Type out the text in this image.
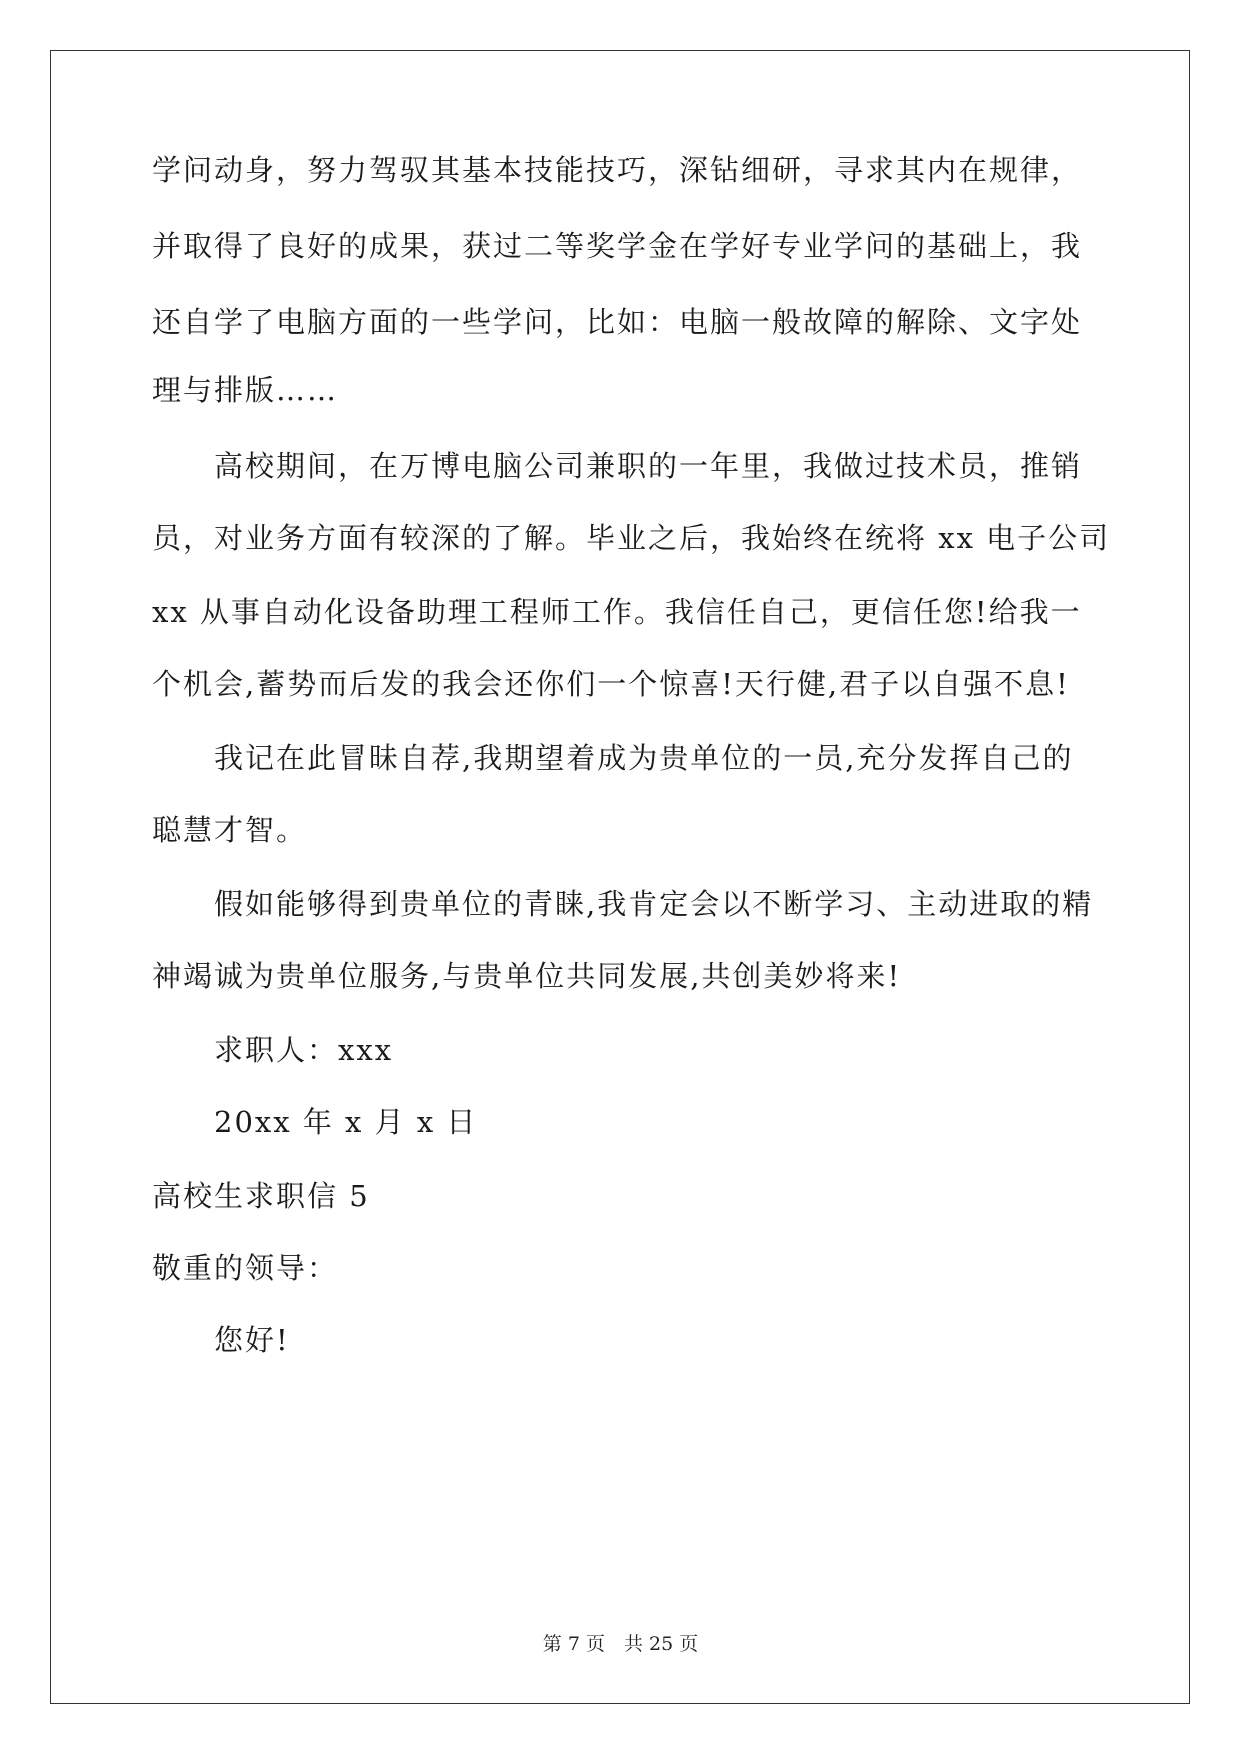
学问动身，努力驾驭其基本技能技巧，深钻细研，寻求其内在规律，
并取得了良好的成果，获过二等奖学金在学好专业学问的基础上，我
还自学了电脑方面的一些学问，比如：电脑一般故障的解除、文字处
理与排版……
高校期间，在万博电脑公司兼职的一年里，我做过技术员，推销
员，对业务方面有较深的了解。毕业之后，我始终在统将 xx 电子公司
xx 从事自动化设备助理工程师工作。我信任自己，更信任您!给我一
个机会,蓄势而后发的我会还你们一个惊喜!天行健,君子以自强不息!
我记在此冒昧自荐,我期望着成为贵单位的一员,充分发挥自己的
聪慧才智。
假如能够得到贵单位的青睐,我肯定会以不断学习、主动进取的精
神竭诚为贵单位服务,与贵单位共同发展,共创美妙将来!
求职人：xxx
20xx 年 x 月 x 日
高校生求职信 5
敬重的领导：
您好!
第 7 页　共 25 页
